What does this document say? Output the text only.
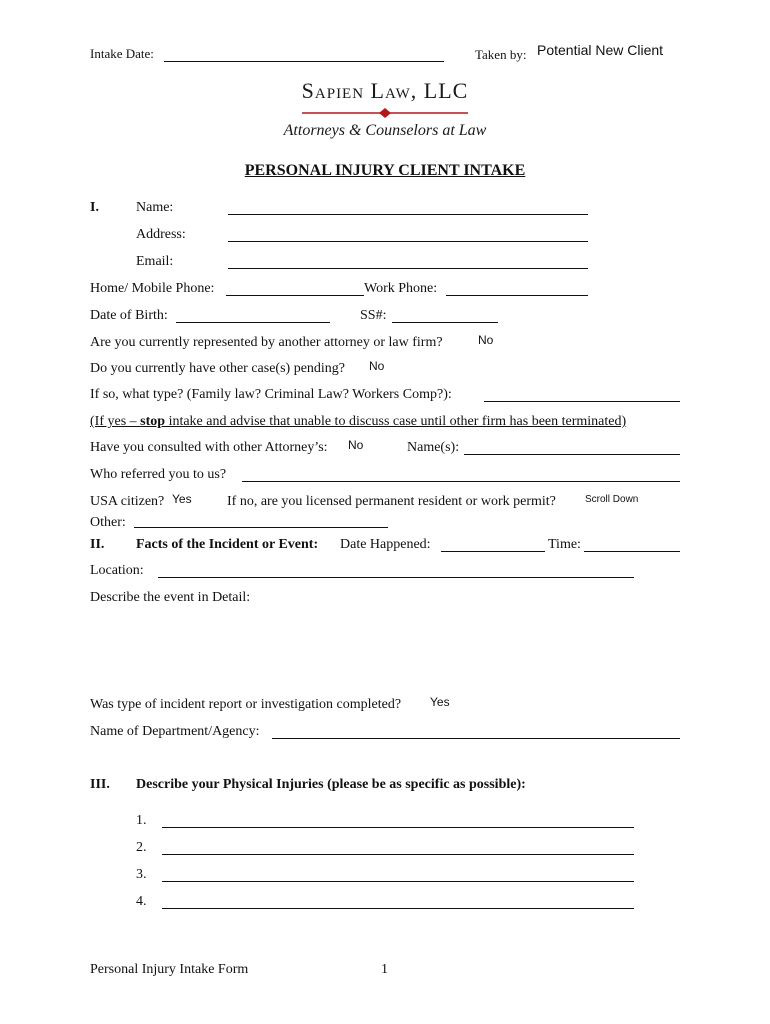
Intake Date:	Taken by: Potential New Client
Sapien Law, LLC
Attorneys & Counselors at Law
PERSONAL INJURY CLIENT INTAKE
I.	Name:
Address:
Email:
Home/ Mobile Phone:	Work Phone:
Date of Birth:	SS#:
Are you currently represented by another attorney or law firm?	No
Do you currently have other case(s) pending? No
If so, what type? (Family law? Criminal Law? Workers Comp?):
(If yes – stop intake and advise that unable to discuss case until other firm has been terminated)
Have you consulted with other Attorney’s: No	Name(s):
Who referred you to us?
USA citizen? Yes	If no, are you licensed permanent resident or work permit?	Scroll Down
Other:
II. Facts of the Incident or Event: Date Happened:	Time:
Location:
Describe the event in Detail:
Was type of incident report or investigation completed? Yes
Name of Department/Agency:
III. Describe your Physical Injuries (please be as specific as possible):
1.
2.
3.
4.
Personal Injury Intake Form	1
